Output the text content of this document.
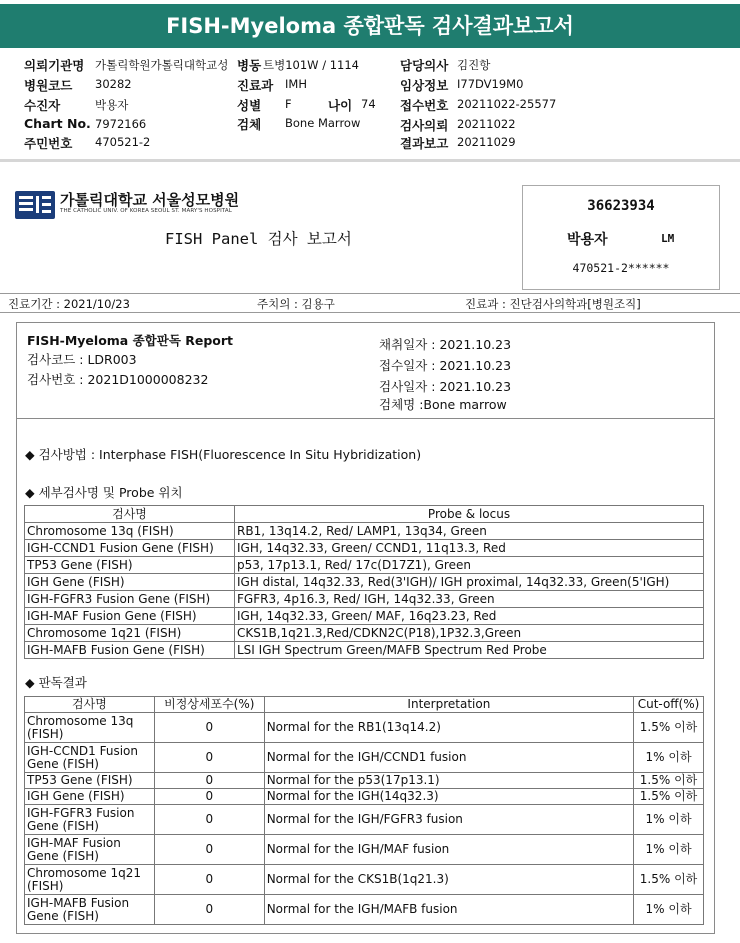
FISH-Myeloma 종합판독 검사결과보고서
의뢰기관명 가톨릭학원가톨릭대학교성 병동 트병101W / 1114	담당의사 김진항
병원코드 30282	진료과 IMH	임상정보 I77DV19M0
수진자	박용자	성별 F	나이 74 접수번호 20211022-25577
Chart No. 7972166	검체 Bone Marrow	검사의뢰 20211022
주민번호 470521-2	결과보고 20211029
가톨릭대학교 서울성모병원
THE CATHOLIC UNIV. OF KOREA SEOUL ST. MARY'S HOSPITAL
FISH Panel 검사 보고서
36623934
박용자	LM
470521-2******
진료기간 : 2021/10/23	주치의 : 김용구	진료과 : 진단검사의학과[병원조직]
FISH-Myeloma 종합판독 Report
검사코드 : LDR003
검사번호 : 2021D1000008232
채취일자 : 2021.10.23
접수일자 : 2021.10.23
검사일자 : 2021.10.23
검체명 :Bone marrow
◆ 검사방법 : Interphase FISH(Fluorescence In Situ Hybridization)
◆ 세부검사명 및 Probe 위치
검사명	Probe & locus
Chromosome 13q (FISH)	RB1, 13q14.2, Red/ LAMP1, 13q34, Green
IGH-CCND1 Fusion Gene (FISH)	IGH, 14q32.33, Green/ CCND1, 11q13.3, Red
TP53 Gene (FISH)	p53, 17p13.1, Red/ 17c(D17Z1), Green
IGH Gene (FISH)	IGH distal, 14q32.33, Red(3'IGH)/ IGH proximal, 14q32.33, Green(5'IGH)
IGH-FGFR3 Fusion Gene (FISH)	FGFR3, 4p16.3, Red/ IGH, 14q32.33, Green
IGH-MAF Fusion Gene (FISH)	IGH, 14q32.33, Green/ MAF, 16q23.23, Red
Chromosome 1q21 (FISH)	CKS1B,1q21.3,Red/CDKN2C(P18),1P32.3,Green
IGH-MAFB Fusion Gene (FISH)	LSI IGH Spectrum Green/MAFB Spectrum Red Probe
◆ 판독결과
검사명	비정상세포수(%)	Interpretation	Cut-off(%)
Chromosome 13q (FISH)	0	Normal for the RB1(13q14.2)	1.5% 이하
IGH-CCND1 Fusion Gene (FISH)	0	Normal for the IGH/CCND1 fusion	1% 이하
TP53 Gene (FISH)	0	Normal for the p53(17p13.1)	1.5% 이하
IGH Gene (FISH)	0	Normal for the IGH(14q32.3)	1.5% 이하
IGH-FGFR3 Fusion Gene (FISH)	0	Normal for the IGH/FGFR3 fusion	1% 이하
IGH-MAF Fusion Gene (FISH)	0	Normal for the IGH/MAF fusion	1% 이하
Chromosome 1q21 (FISH)	0	Normal for the CKS1B(1q21.3)	1.5% 이하
IGH-MAFB Fusion Gene (FISH)	0	Normal for the IGH/MAFB fusion	1% 이하
